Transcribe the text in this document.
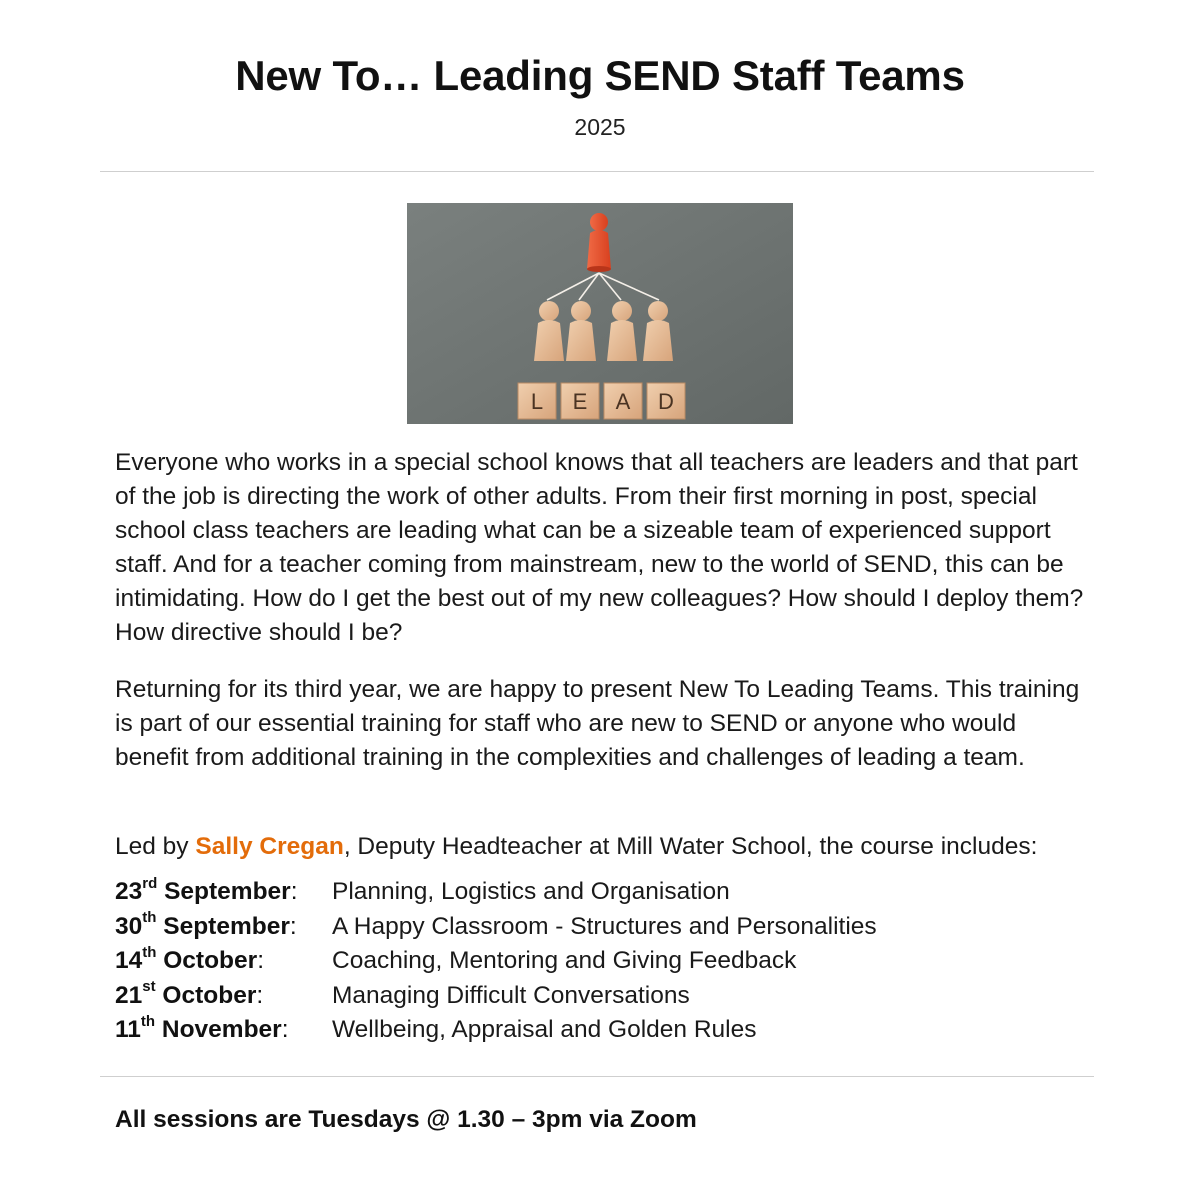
New To… Leading SEND Staff Teams
2025
L E A D
Everyone who works in a special school knows that all teachers are leaders and that part of the job is directing the work of other adults. From their first morning in post, special school class teachers are leading what can be a sizeable team of experienced support staff. And for a teacher coming from mainstream, new to the world of SEND, this can be intimidating. How do I get the best out of my new colleagues? How should I deploy them? How directive should I be?
Returning for its third year, we are happy to present New To Leading Teams. This training is part of our essential training for staff who are new to SEND or anyone who would benefit from additional training in the complexities and challenges of leading a team.
Led by Sally Cregan, Deputy Headteacher at Mill Water School, the course includes:
23rd September: Planning, Logistics and Organisation
30th September: A Happy Classroom - Structures and Personalities
14th October:	Coaching, Mentoring and Giving Feedback
21st October:	Managing Difficult Conversations
11th November: Wellbeing, Appraisal and Golden Rules
All sessions are Tuesdays @ 1.30 – 3pm via Zoom
